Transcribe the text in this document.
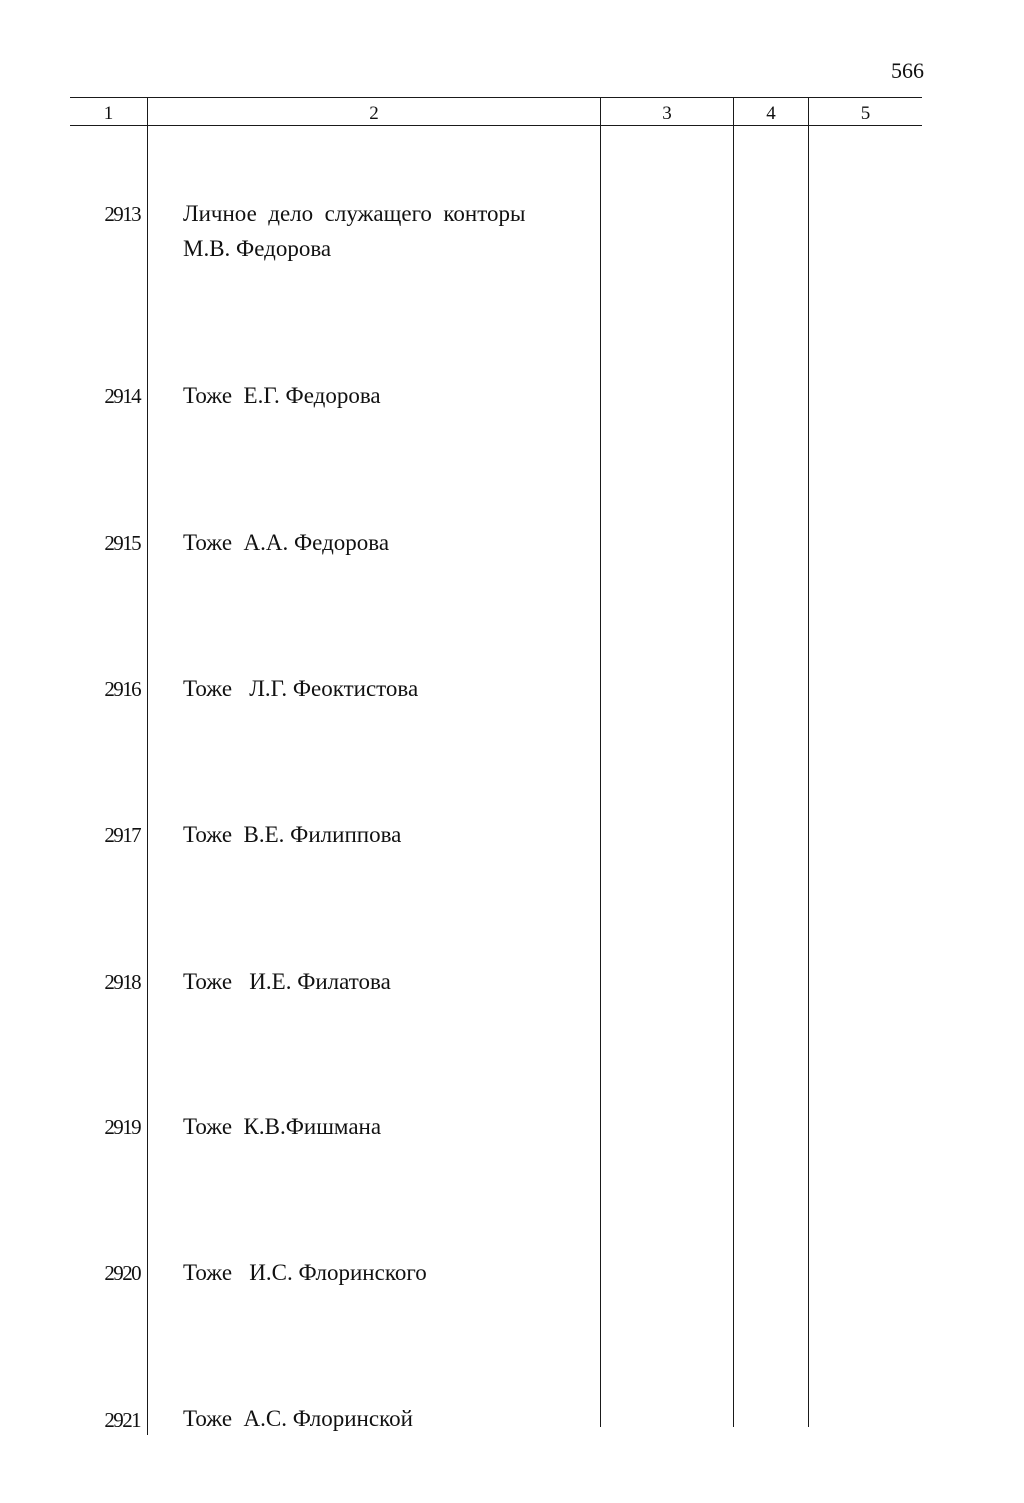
566
1	2	3	4	5
2913 Личное  дело  служащего  конторы
М.В. Федорова
2914 Тоже  Е.Г. Федорова
2915 Тоже  А.А. Федорова
2916 Тоже   Л.Г. Феоктистова
2917 Тоже  В.Е. Филиппова
2918 Тоже   И.Е. Филатова
2919 Тоже  К.В.Фишмана
2920 Тоже   И.С. Флоринского
2921 Тоже  А.С. Флоринской
